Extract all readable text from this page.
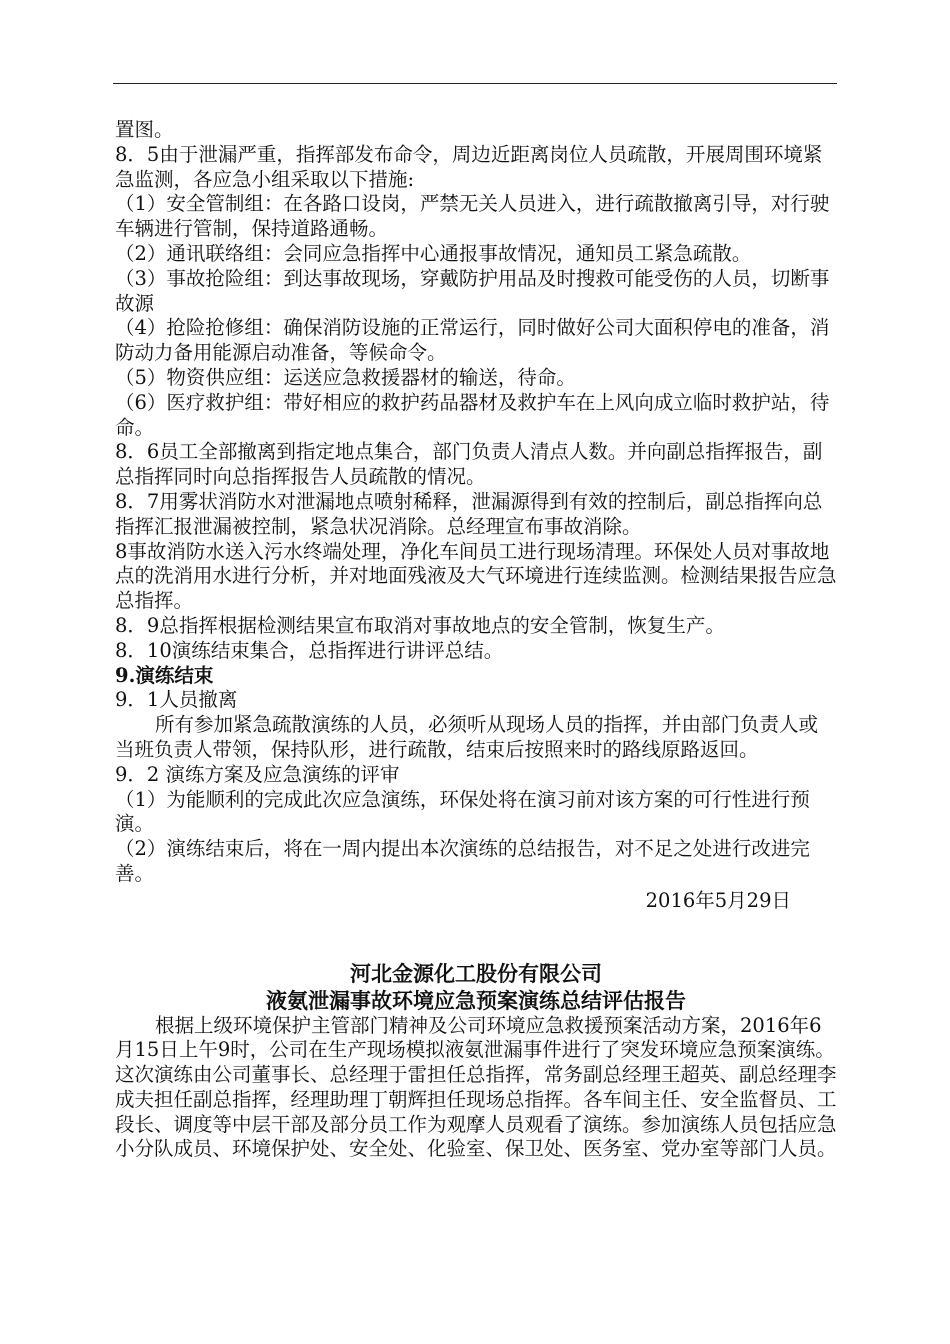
置图。

8．5由于泄漏严重，指挥部发布命令，周边近距离岗位人员疏散，开展周围环境紧急监测，各应急小组采取以下措施:

（1）安全管制组：在各路口设岗，严禁无关人员进入，进行疏散撤离引导，对行驶车辆进行管制，保持道路通畅。

（2）通讯联络组：会同应急指挥中心通报事故情况，通知员工紧急疏散。

（3）事故抢险组：到达事故现场，穿戴防护用品及时搜救可能受伤的人员，切断事故源

（4）抢险抢修组：确保消防设施的正常运行，同时做好公司大面积停电的准备，消防动力备用能源启动准备，等候命令。

（5）物资供应组：运送应急救援器材的输送，待命。

（6）医疗救护组：带好相应的救护药品器材及救护车在上风向成立临时救护站，待命。

8．6员工全部撤离到指定地点集合，部门负责人清点人数。并向副总指挥报告，副总指挥同时向总指挥报告人员疏散的情况。

8．7用雾状消防水对泄漏地点喷射稀释，泄漏源得到有效的控制后，副总指挥向总指挥汇报泄漏被控制，紧急状况消除。总经理宣布事故消除。

8事故消防水送入污水终端处理，净化车间员工进行现场清理。环保处人员对事故地点的洗消用水进行分析，并对地面残液及大气环境进行连续监测。检测结果报告应急总指挥。

8．9总指挥根据检测结果宣布取消对事故地点的安全管制，恢复生产。

8．10演练结束集合，总指挥进行讲评总结。

9.演练结束

9．1人员撤离

所有参加紧急疏散演练的人员，必须听从现场人员的指挥，并由部门负责人或当班负责人带领，保持队形，进行疏散，结束后按照来时的路线原路返回。

9．2 演练方案及应急演练的评审

（1）为能顺利的完成此次应急演练，环保处将在演习前对该方案的可行性进行预演。

（2）演练结束后，将在一周内提出本次演练的总结报告，对不足之处进行改进完善。

2016年5月29日

河北金源化工股份有限公司

液氨泄漏事故环境应急预案演练总结评估报告

根据上级环境保护主管部门精神及公司环境应急救援预案活动方案，2016年6月15日上午9时，公司在生产现场模拟液氨泄漏事件进行了突发环境应急预案演练。这次演练由公司董事长、总经理于雷担任总指挥，常务副总经理王超英、副总经理李成夫担任副总指挥，经理助理丁朝辉担任现场总指挥。各车间主任、安全监督员、工段长、调度等中层干部及部分员工作为观摩人员观看了演练。参加演练人员包括应急小分队成员、环境保护处、安全处、化验室、保卫处、医务室、党办室等部门人员。
